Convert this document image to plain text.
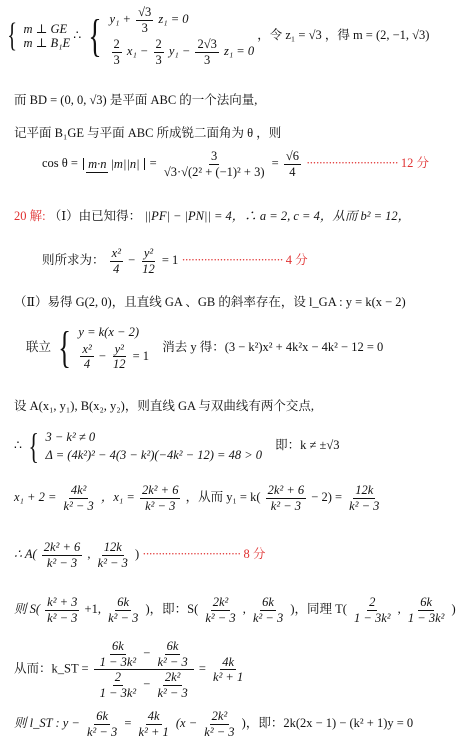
{ m ⊥ GE
m ⊥ B₁E
∴ { $y_1 + \frac{√3}{3} z_1 = 0$
$\frac{2}{3} x_1 - \frac{2}{3} y_1 - \frac{2√3}{3} z_1 = 0$
，令 z₁ = √3 ，得 m = (2, −1, √3)
而 BD = (0, 0, √3) 是平面 ABC 的一个法向量,
记平面 B₁GE 与平面 ABC 所成锐二面角为 θ ，则
cos θ = m·n $|m||n| = \frac{3}{\text{√3·√(2² + (−1)² + 3)}} = \frac{√6}{4}$ ····························· 12 分
20 解: （Ⅰ）由已知得： ||PF| − |PN|| = 4，∴ a = 2, c = 4，从而 b² = 12，
则所求为： $\frac{\text{x²}}{4} - \frac{\text{y²}}{12} = 1$ ································ 4 分
（Ⅱ）易得 G(2, 0)，且直线 GA 、GB 的斜率存在，设 l_GA : y = k(x − 2)
联立 { y = k(x − 2)
$\frac{\text{x²}}{4} - \frac{\text{y²}}{12} = 1$
消去 y 得：(3 − k²)x² + 4k²x − 4k² − 12 = 0
设 A(x₁, y₁), B(x₂, y₂)，则直线 GA 与双曲线有两个交点,
∴ { 3 − k² ≠ 0
Δ = (4k²)² − 4(3 − k²)(−4k² − 12) = 48 > 0
即：k ≠ ±√3
$x_1 + 2 = \frac{\text{4k²}}{\text{k² − 3}}$ ，$x_1 = \frac{\text{2k² + 6}}{\text{k² − 3}}$ ，从而 $y_1 = k( \frac{\text{2k² + 6}}{\text{k² − 3}} - 2) = \frac{12k}{\text{k² − 3}}$
∴ $A( \frac{\text{2k² + 6}}{\text{k² − 3}}$ , $\frac{12k}{\text{k² − 3}}$ ) ······························· 8 分
则 $S( \frac{\text{k² + 3}}{\text{k² − 3}} +1$, $\frac{6k}{\text{k² − 3}}$ )，即：$S( \frac{\text{2k²}}{\text{k² − 3}}$ , $\frac{6k}{\text{k² − 3}}$ )，同理 $T( \frac{2}{\text{1 − 3k²}}$ , $\frac{6k}{\text{1 − 3k²}}$ )
从而：k_ST = $\frac{\frac{6k}{\text{1 − 3k²}} - \frac{6k}{\text{k² − 3}}}{\frac{2}{\text{1 − 3k²}} - \frac{\text{2k²}}{\text{k² − 3}}} = \frac{4k}{\text{k² + 1}}$
则 l_ST : $y - \frac{6k}{\text{k² − 3}} = \frac{4k}{\text{k² + 1}} (x - \frac{\text{2k²}}{\text{k² − 3}}$ )，即：2k(2x − 1) − (k² + 1)y = 0
